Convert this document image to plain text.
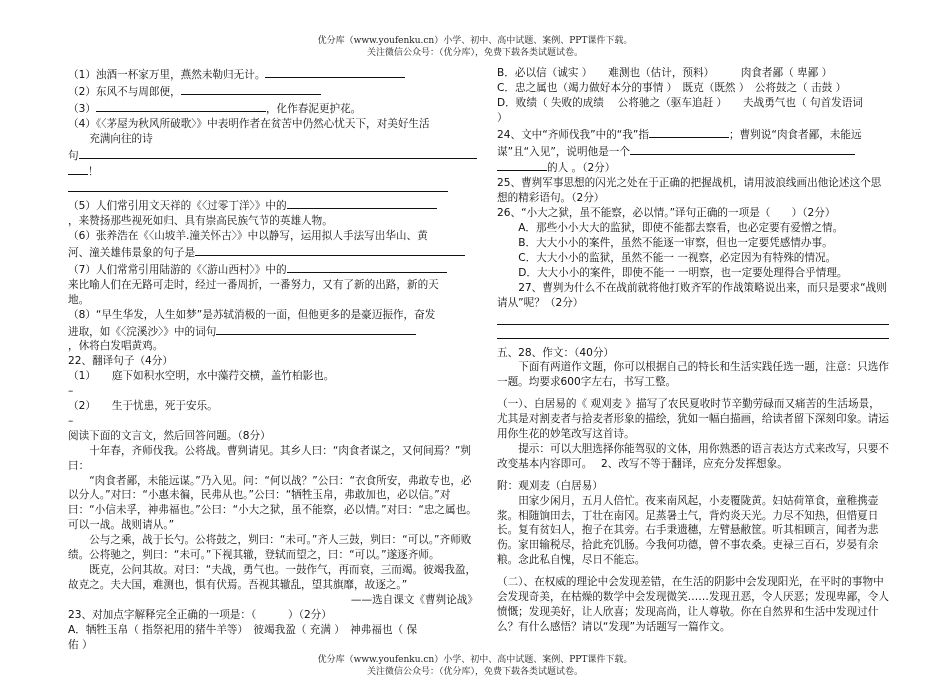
优分库（www.youfenku.cn）小学、初中、高中试题、案例、PPT课件下载。
关注微信公众号：（优分库），免费下载各类试题试卷。

（1）浊酒一杯家万里，燕然未勒归无计。

（2）东风不与周郎便，

（3）	，化作春泥更护花。

（4）《〈茅屋为秋风所破歌〉》中表明作者在贫苦中仍然心忧天下，对美好生活

充满向往的诗

句

！

（5）人们常引用文天祥的《〈过零丁洋〉》中的

，来赞扬那些视死如归、具有崇高民族气节的英雄人物。

（6）张养浩在《〈山坡羊.潼关怀古〉》中以静写，运用拟人手法写出华山、黄

河、潼关雄伟景象的句子是

（7）人们常常引用陆游的《〈游山西村〉》中的

来比喻人们在无路可走时，经过一番周折，一番努力，又有了新的出路，新的天

地。

（8）“早生华发，人生如梦”是苏轼消极的一面，但他更多的是豪迈振作，奋发

进取，如《〈浣溪沙〉》中的词句

，休将白发唱黄鸡。

22、翻译句子（4分）

（1）　　庭下如积水空明，水中藻荇交横，盖竹柏影也。

–

（2）　　生于忧患，死于安乐。

–

阅读下面的文言文，然后回答问题。（8分）

十年春，齐师伐我。公将战。曹刿请见。其乡人曰：“肉食者谋之，又何间焉？”刿曰：

“肉食者鄙，未能远谋。”乃入见。问：“何以战？”公曰：“衣食所安，弗敢专也，必以分人。”对曰：“小惠未徧，民弗从也。”公曰：“牺牲玉帛，弗敢加也，必以信。”对曰：“小信未孚，神弗福也。”公曰：“小大之狱，虽不能察，必以情。”对曰：“忠之属也。可以一战。战则请从。”

公与之乘，战于长勺。公将鼓之，刿曰：“未可。”齐人三鼓，刿曰：“可以。”齐师败绩。公将驰之，刿曰：“未可。”下视其辙，登轼而望之，曰：“可以。”遂逐齐师。

既克，公问其故。对曰：“夫战，勇气也。一鼓作气，再而衰，三而竭。彼竭我盈，故克之。夫大国，难测也，惧有伏焉。吾视其辙乱，望其旗靡，故逐之。”

——选自课文《曹刿论战》

23、对加点字解释完全正确的一项是：（　　　）（2分）

A．牺牲玉帛（ 指祭祀用的猪牛羊等）　彼竭我盈（ 充满 ）　神弗福也（ 保

佑 ）

B．必以信（诚实 ）　　难测也（估计，预料）　　　肉食者鄙（ 卑鄙 ）

C．忠之属也（竭力做好本分的事情 ）　既克（既然 ）　公将鼓之（ 击鼓 ）

D．败绩（ 失败的成绩　 公将驰之（驱车追赶 ）　　夫战勇气也（ 句首发语词

）

24、文中“齐师伐我”中的“我”指	；曹刿说“肉食者鄙，未能远

谋”且“入见”，说明他是一个

的人 。（2分）

25、曹刿军事思想的闪光之处在于正确的把握战机，请用波浪线画出他论述这个思想的精彩语句。（2分）

26、“小大之狱，虽不能察，必以情。”译句正确的一项是（　　）（2分）

A．那些小小大大的监狱，即使不能都去察看，也必定要有爱憎之情。

B．大大小小的案件，虽然不能逐一审察，但也一定要凭感情办事。

C．大大小小的监狱，虽然不能一 一视察，必定因为有特殊的情况。

D．大大小小的案件，即使不能一 一明察，也一定要处理得合乎情理。

27、曹刿为什么不在战前就将他打败齐军的作战策略说出来，而只是要求“战则请从”呢？（2分）

五、28、作文：（40分）

下面有两道作文题，你可以根据自己的特长和生活实践任选一题，注意：只选作一题。均要求600字左右，书写工整。

（一）、白居易的《 观刈麦 》描写了农民夏收时节辛勤劳碌而又痛苦的生活场景，尤其是对割麦者与拾麦者形象的描绘，犹如一幅白描画，给读者留下深刻印象。请运用你生花的妙笔改写这首诗。

提示：可以大胆选择你能驾驭的文体，用你熟悉的语言表达方式来改写，只要不改变基本内容即可。　 2、改写不等于翻译，应充分发挥想象。

附：观刈麦（白居易）

田家少闲月，五月人倍忙。夜来南风起，小麦覆陇黄。妇姑荷箪食，童稚携壶浆。相随饷田去，丁壮在南冈。足蒸暑土气，背灼炎天光。力尽不知热，但惜夏日长。复有贫妇人，抱子在其旁。右手秉遗穗，左臂悬敝筐。听其相顾言，闻者为悲伤。家田输税尽，拾此充饥肠。今我何功德，曾不事农桑。吏禄三百石，岁晏有余粮。念此私自愧，尽日不能忘。

（二）、在权威的理论中会发现差错，在生活的阴影中会发现阳光，在平时的事物中会发现奇美，在枯燥的数学中会发现微笑……发现丑恶，令人厌恶；发现卑鄙，令人愤慨；发现美好，让人欣喜；发现高尚，让人尊敬。你在自然界和生活中发现过什么？有什么感悟？请以“发现”为话题写一篇作文。

优分库（www.youfenku.cn）小学、初中、高中试题、案例、PPT课件下载。
关注微信公众号：（优分库），免费下载各类试题试卷。
